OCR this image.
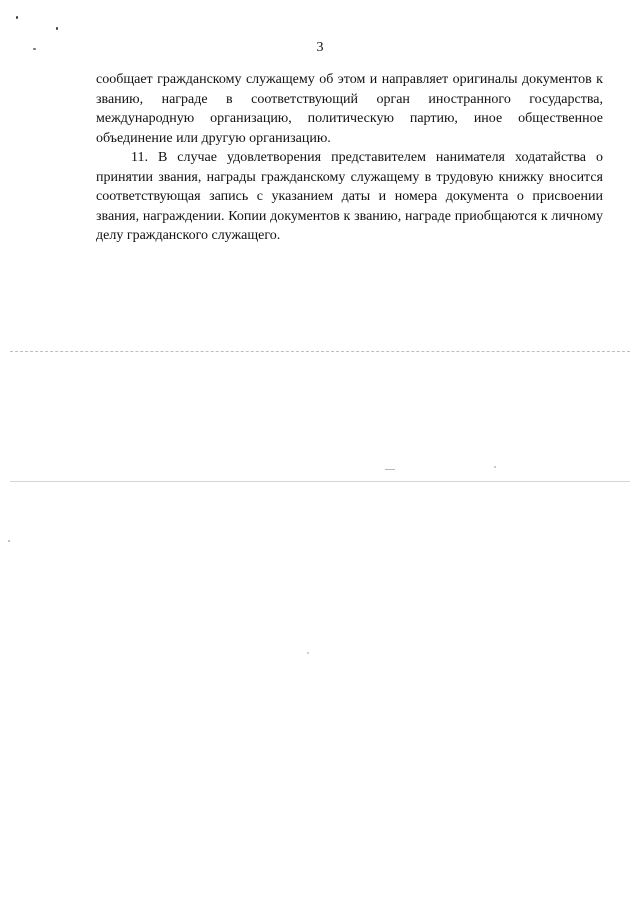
3

сообщает гражданскому служащему об этом и направляет оригиналы документов к званию, награде в соответствующий орган иностранного государства, международную организацию, политическую партию, иное общественное объединение или другую организацию.

11. В случае удовлетворения представителем нанимателя ходатайства о принятии звания, награды гражданскому служащему в трудовую книжку вносится соответствующая запись с указанием даты и номера документа о присвоении звания, награждении. Копии документов к званию, награде приобщаются к личному делу гражданского служащего.
